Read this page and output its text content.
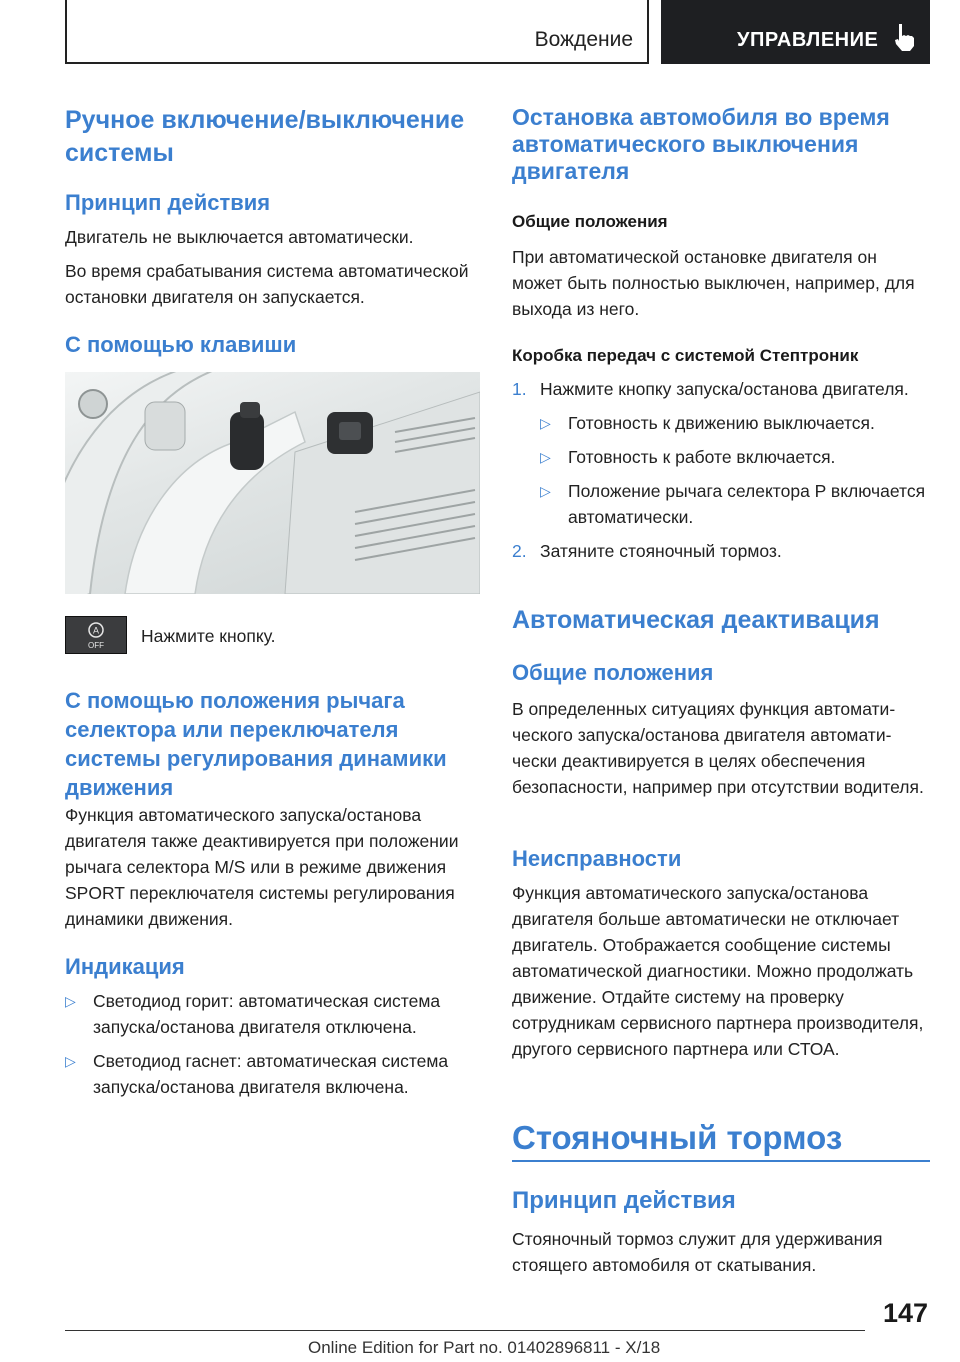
Вождение	УПРАВЛЕНИЕ
Ручное включение/выключение системы
Принцип действия

Двигатель не выключается автоматически.

Во время срабатывания система автоматической остановки двигателя он запускается.

С помощью клавиши
A
OFF Нажмите кнопку.

С помощью положения рычага селектора или переключателя системы регулирования динамики движения

Функция автоматического запуска/останова двигателя также деактивируется при положении рычага селектора M/S или в режиме движения SPORT переключателя системы регулирования динамики движения.

Индикация
▷ Светодиод горит: автоматическая система запуска/останова двигателя отключена.
▷ Светодиод гаснет: автоматическая система запуска/останова двигателя включена.
Остановка автомобиля во время автоматического выключения двигателя
Общие положения

При автоматической остановке двигателя он может быть полностью выключен, например, для выхода из него.

Коробка передач с системой Стептроник
1. Нажмите кнопку запуска/останова двигателя.
▷ Готовность к движению выключается.
▷ Готовность к работе включается.
▷ Положение рычага селектора P включается автоматически.
2. Затяните стояночный тормоз.
Автоматическая деактивация
Общие положения

В определенных ситуациях функция автоматического запуска/останова двигателя автоматически деактивируется в целях обеспечения безопасности, например при отсутствии водителя.

Неисправности

Функция автоматического запуска/останова двигателя больше автоматически не отключает двигатель. Отображается сообщение системы автоматической диагностики. Можно продолжать движение. Отдайте систему на проверку сотрудникам сервисного партнера производителя, другого сервисного партнера или СТОА.

Стояночный тормоз
Принцип действия

Стояночный тормоз служит для удерживания стоящего автомобиля от скатывания.

147
Online Edition for Part no. 01402896811 - X/18
